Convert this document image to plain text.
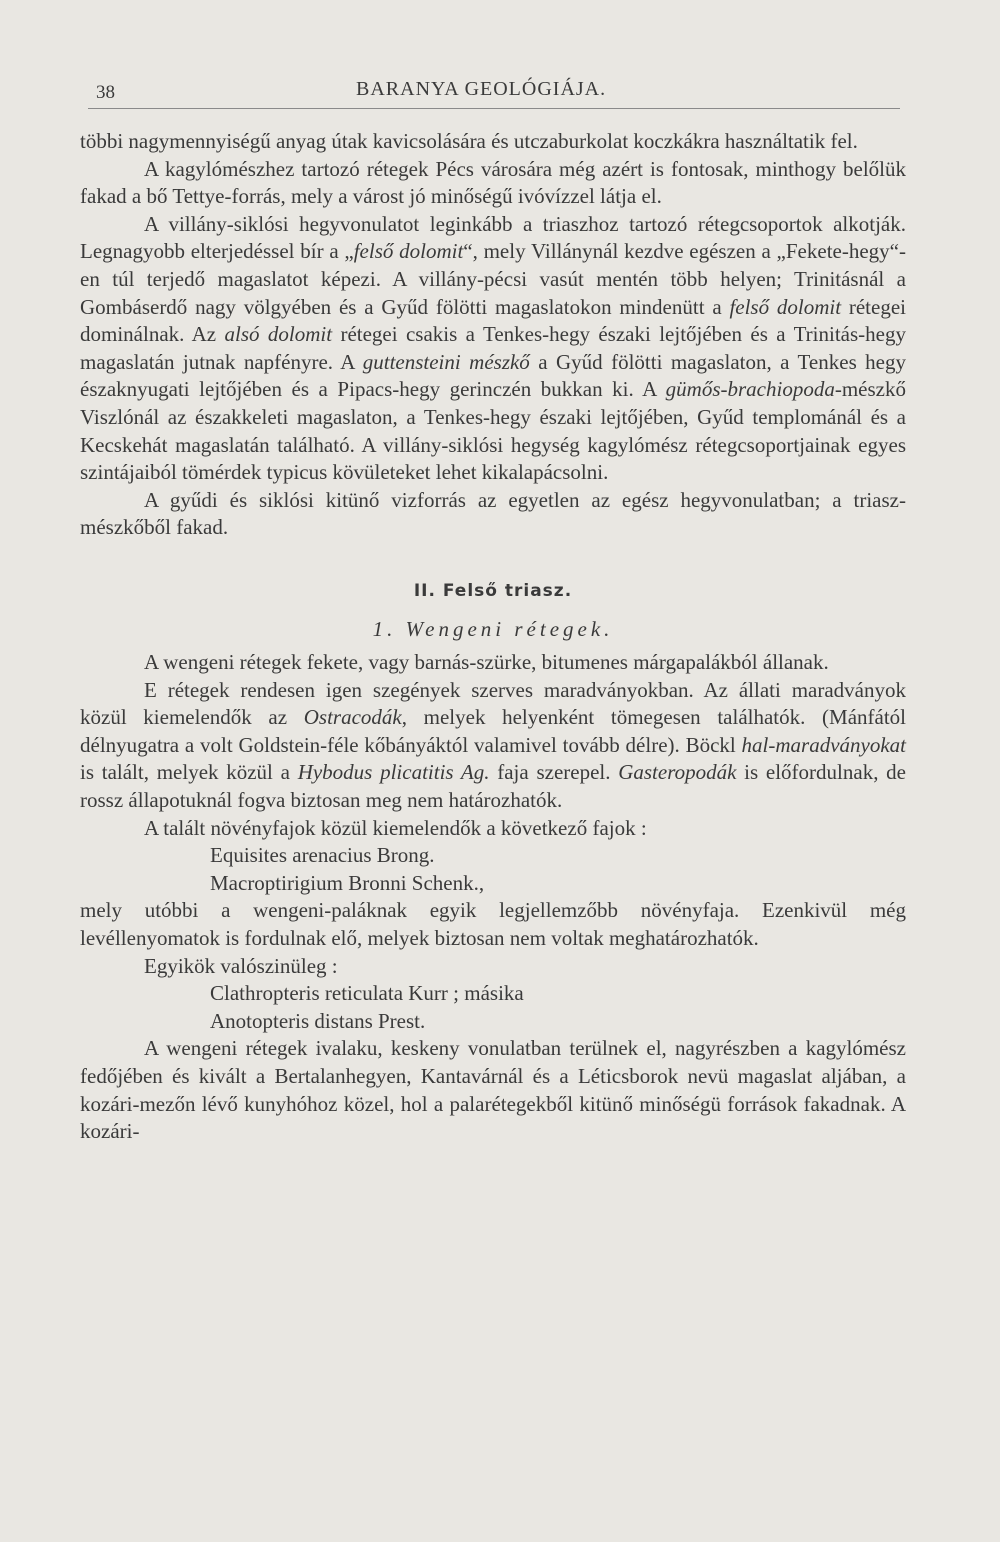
38	BARANYA GEOLÓGIÁJA.

többi nagymennyiségű anyag útak kavicsolására és utczaburkolat koczkákra használtatik fel.

A kagylómészhez tartozó rétegek Pécs városára még azért is fontosak, minthogy belőlük fakad a bő Tettye-forrás, mely a várost jó minőségű ivóvízzel látja el.

A villány-siklósi hegyvonulatot leginkább a triaszhoz tartozó rétegcsoportok alkotják. Legnagyobb elterjedéssel bír a „felső dolomit“, mely Villánynál kezdve egészen a „Fekete-hegy“-en túl terjedő magaslatot képezi. A villány-pécsi vasút mentén több helyen; Trinitásnál a Gombáserdő nagy völgyében és a Gyűd fölötti magaslatokon mindenütt a felső dolomit rétegei dominálnak. Az alsó dolomit rétegei csakis a Tenkes-hegy északi lejtőjében és a Trinitás-hegy magaslatán jutnak napfényre. A guttensteini mészkő a Gyűd fölötti magaslaton, a Tenkes hegy északnyugati lejtőjében és a Pipacs-hegy gerinczén bukkan ki. A gümős-brachiopoda-mészkő Viszlónál az északkeleti magaslaton, a Tenkes-hegy északi lejtőjében, Gyűd templománál és a Kecskehát magaslatán található. A villány-siklósi hegység kagylómész rétegcsoportjainak egyes szintájaiból tömérdek typicus kövületeket lehet kikalapácsolni.

A gyűdi és siklósi kitünő vizforrás az egyetlen az egész hegyvonulatban; a triasz-mészkőből fakad.

II. Felső triasz.
1. Wengeni rétegek.

A wengeni rétegek fekete, vagy barnás-szürke, bitumenes márgapalákból állanak.

E rétegek rendesen igen szegények szerves maradványokban. Az állati maradványok közül kiemelendők az Ostracodák, melyek helyenként tömegesen találhatók. (Mánfától délnyugatra a volt Goldstein-féle kőbányáktól valamivel tovább délre). Böckl hal-maradványokat is talált, melyek közül a Hybodus plicatitis Ag. faja szerepel. Gasteropodák is előfordulnak, de rossz állapotuknál fogva biztosan meg nem határozhatók.

A talált növényfajok közül kiemelendők a következő fajok :

Equisites arenacius Brong.

Macroptirigium Bronni Schenk.,

mely utóbbi a wengeni-paláknak egyik legjellemzőbb növényfaja. Ezenkivül még levéllenyomatok is fordulnak elő, melyek biztosan nem voltak meghatározhatók.

Egyikök valószinüleg :

Clathropteris reticulata Kurr ; másika

Anotopteris distans Prest.

A wengeni rétegek ivalaku, keskeny vonulatban terülnek el, nagyrészben a kagylómész fedőjében és kivált a Bertalanhegyen, Kantavárnál és a Léticsborok nevü magaslat aljában, a kozári-mezőn lévő kunyhóhoz közel, hol a palarétegekből kitünő minőségü források fakadnak. A kozári-
